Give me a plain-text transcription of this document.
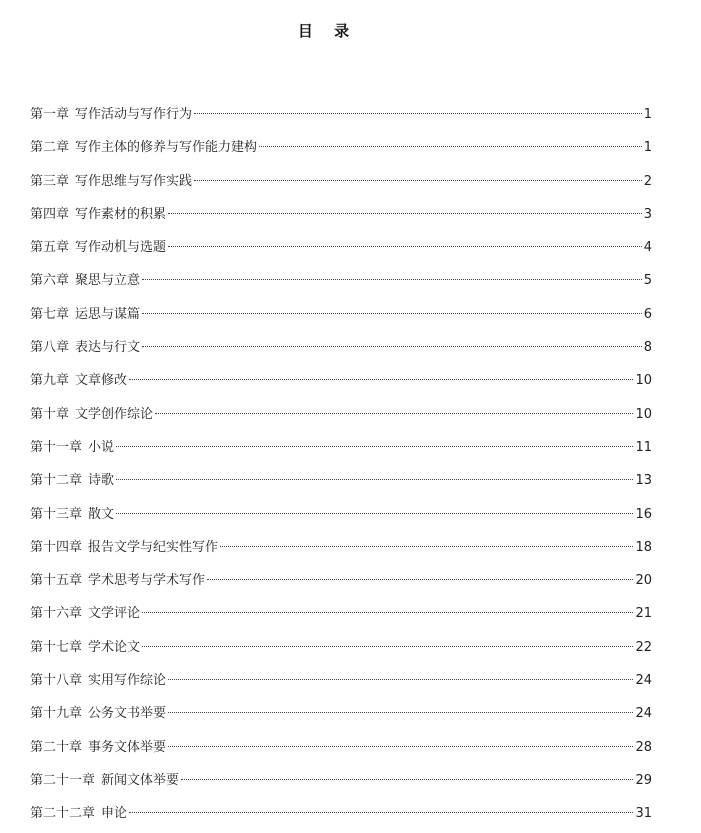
目 录
第一章 写作活动与写作行为	1
第二章 写作主体的修养与写作能力建构	1
第三章 写作思维与写作实践	2
第四章 写作素材的积累	3
第五章 写作动机与选题	4
第六章 聚思与立意	5
第七章 运思与谋篇	6
第八章 表达与行文	8
第九章 文章修改	10
第十章 文学创作综论	10
第十一章 小说	11
第十二章 诗歌	13
第十三章 散文	16
第十四章 报告文学与纪实性写作	18
第十五章 学术思考与学术写作	20
第十六章 文学评论	21
第十七章 学术论文	22
第十八章 实用写作综论	24
第十九章 公务文书举要	24
第二十章 事务文体举要	28
第二十一章 新闻文体举要	29
第二十二章 申论	31
